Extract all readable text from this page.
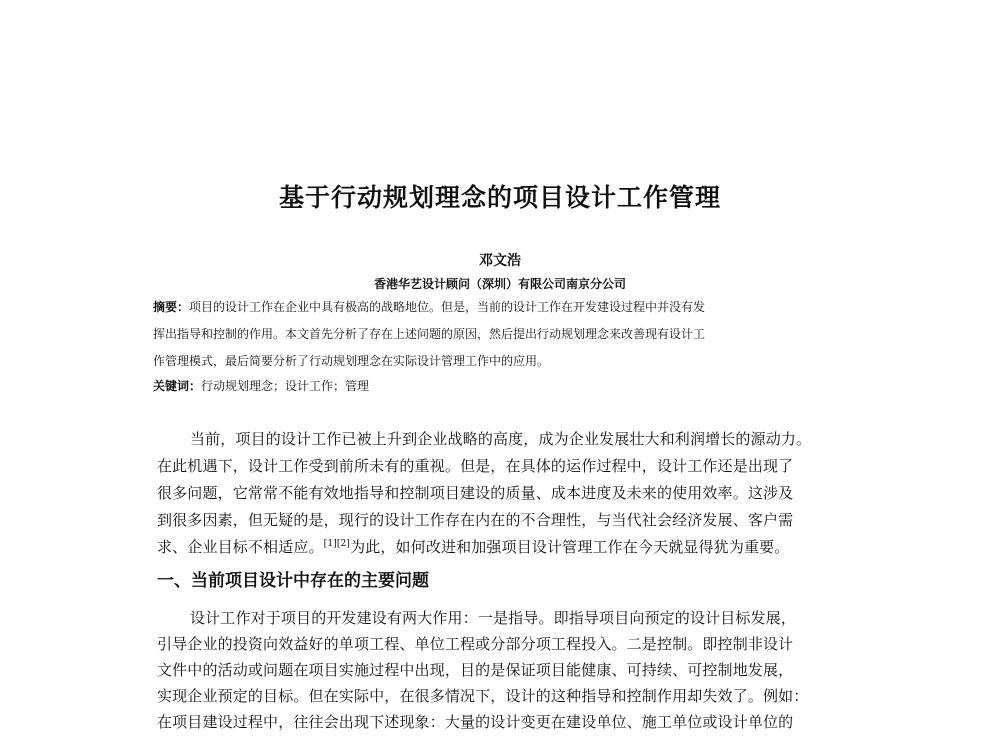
基于行动规划理念的项目设计工作管理
邓文浩
香港华艺设计顾问（深圳）有限公司南京分公司
摘要：项目的设计工作在企业中具有极高的战略地位。但是，当前的设计工作在开发建设过程中并没有发
挥出指导和控制的作用。本文首先分析了存在上述问题的原因，然后提出行动规划理念来改善现有设计工
作管理模式，最后简要分析了行动规划理念在实际设计管理工作中的应用。
关键词：行动规划理念；设计工作；管理
当前，项目的设计工作已被上升到企业战略的高度，成为企业发展壮大和利润增长的源动力。
在此机遇下，设计工作受到前所未有的重视。但是，在具体的运作过程中，设计工作还是出现了
很多问题，它常常不能有效地指导和控制项目建设的质量、成本进度及未来的使用效率。这涉及
到很多因素，但无疑的是，现行的设计工作存在内在的不合理性，与当代社会经济发展、客户需
求、企业目标不相适应。[1][2]为此，如何改进和加强项目设计管理工作在今天就显得犹为重要。
一、当前项目设计中存在的主要问题
设计工作对于项目的开发建设有两大作用：一是指导。即指导项目向预定的设计目标发展，
引导企业的投资向效益好的单项工程、单位工程或分部分项工程投入。二是控制。即控制非设计
文件中的活动或问题在项目实施过程中出现，目的是保证项目能健康、可持续、可控制地发展，
实现企业预定的目标。但在实际中，在很多情况下，设计的这种指导和控制作用却失效了。例如：
在项目建设过程中，往往会出现下述现象：大量的设计变更在建设单位、施工单位或设计单位的
